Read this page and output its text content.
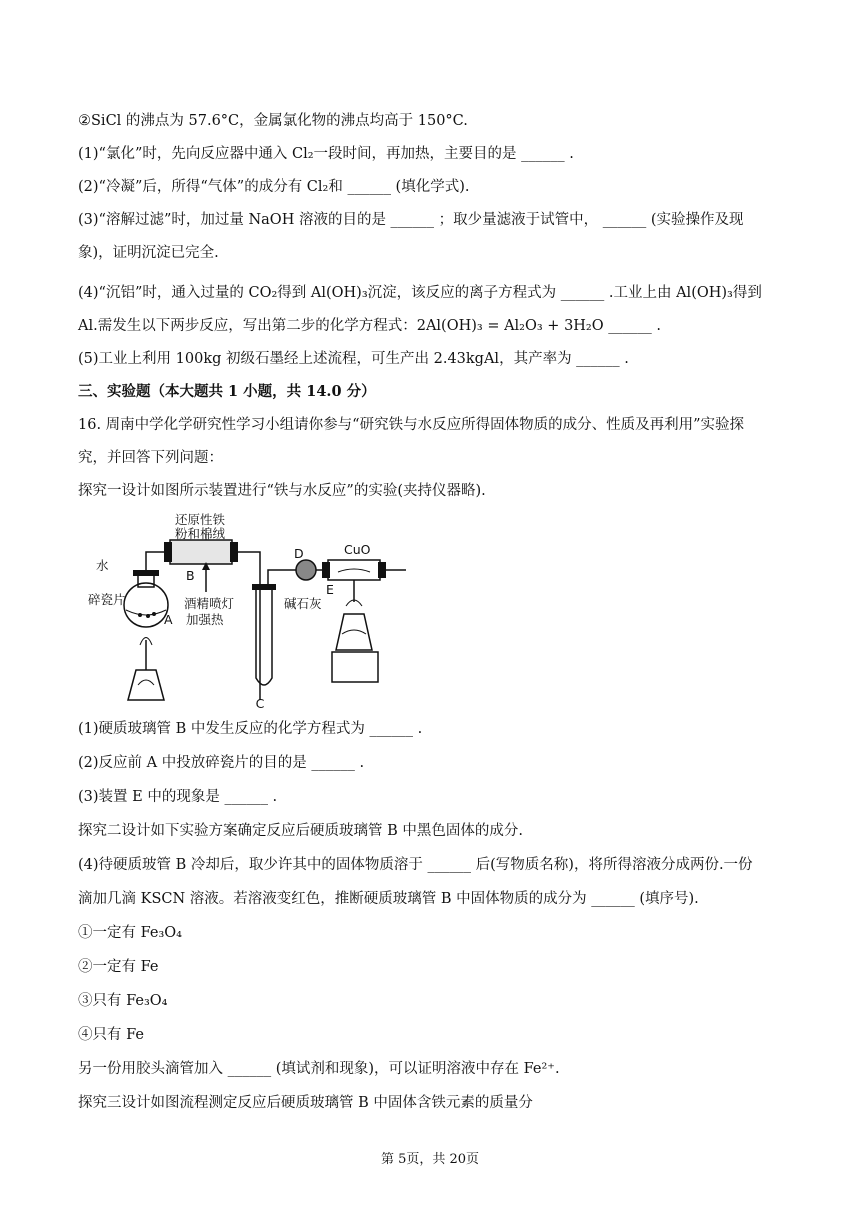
②SiCl 的沸点为 57.6°C，金属氯化物的沸点均高于 150°C.
(1)“氯化”时，先向反应器中通入 Cl₂一段时间，再加热，主要目的是 ______ .
(2)“冷凝”后，所得“气体”的成分有 Cl₂和 ______ (填化学式).
(3)“溶解过滤”时，加过量 NaOH 溶液的目的是 ______ ；取少量滤液于试管中， ______ (实验操作及现
象)，证明沉淀已完全.
(4)“沉铝”时，通入过量的 CO₂得到 Al(OH)₃沉淀，该反应的离子方程式为 ______ .工业上由 Al(OH)₃得到
Al.需发生以下两步反应，写出第二步的化学方程式：2Al(OH)₃ = Al₂O₃ + 3H₂O ______ .
(5)工业上利用 100kg 初级石墨经上述流程，可生产出 2.43kgAl，其产率为 ______ .
三、实验题（本大题共 1 小题，共 14.0 分）
16. 周南中学化学研究性学习小组请你参与“研究铁与水反应所得固体物质的成分、性质及再利用”实验探
究，并回答下列问题：
探究一设计如图所示装置进行“铁与水反应”的实验(夹持仪器略).
还原性铁
粉和棉绒
水
碎瓷片
A
B
酒精喷灯
加强热
C
D	CuO
碱石灰
E
(1)硬质玻璃管 B 中发生反应的化学方程式为 ______ .
(2)反应前 A 中投放碎瓷片的目的是 ______ .
(3)装置 E 中的现象是 ______ .
探究二设计如下实验方案确定反应后硬质玻璃管 B 中黑色固体的成分.
(4)待硬质玻管 B 冷却后，取少许其中的固体物质溶于 ______ 后(写物质名称)，将所得溶液分成两份.一份
滴加几滴 KSCN 溶液。若溶液变红色，推断硬质玻璃管 B 中固体物质的成分为 ______ (填序号).
①一定有 Fe₃O₄
②一定有 Fe
③只有 Fe₃O₄
④只有 Fe
另一份用胶头滴管加入 ______ (填试剂和现象)，可以证明溶液中存在 Fe²⁺.
探究三设计如图流程测定反应后硬质玻璃管 B 中固体含铁元素的质量分
第 5页，共 20页
